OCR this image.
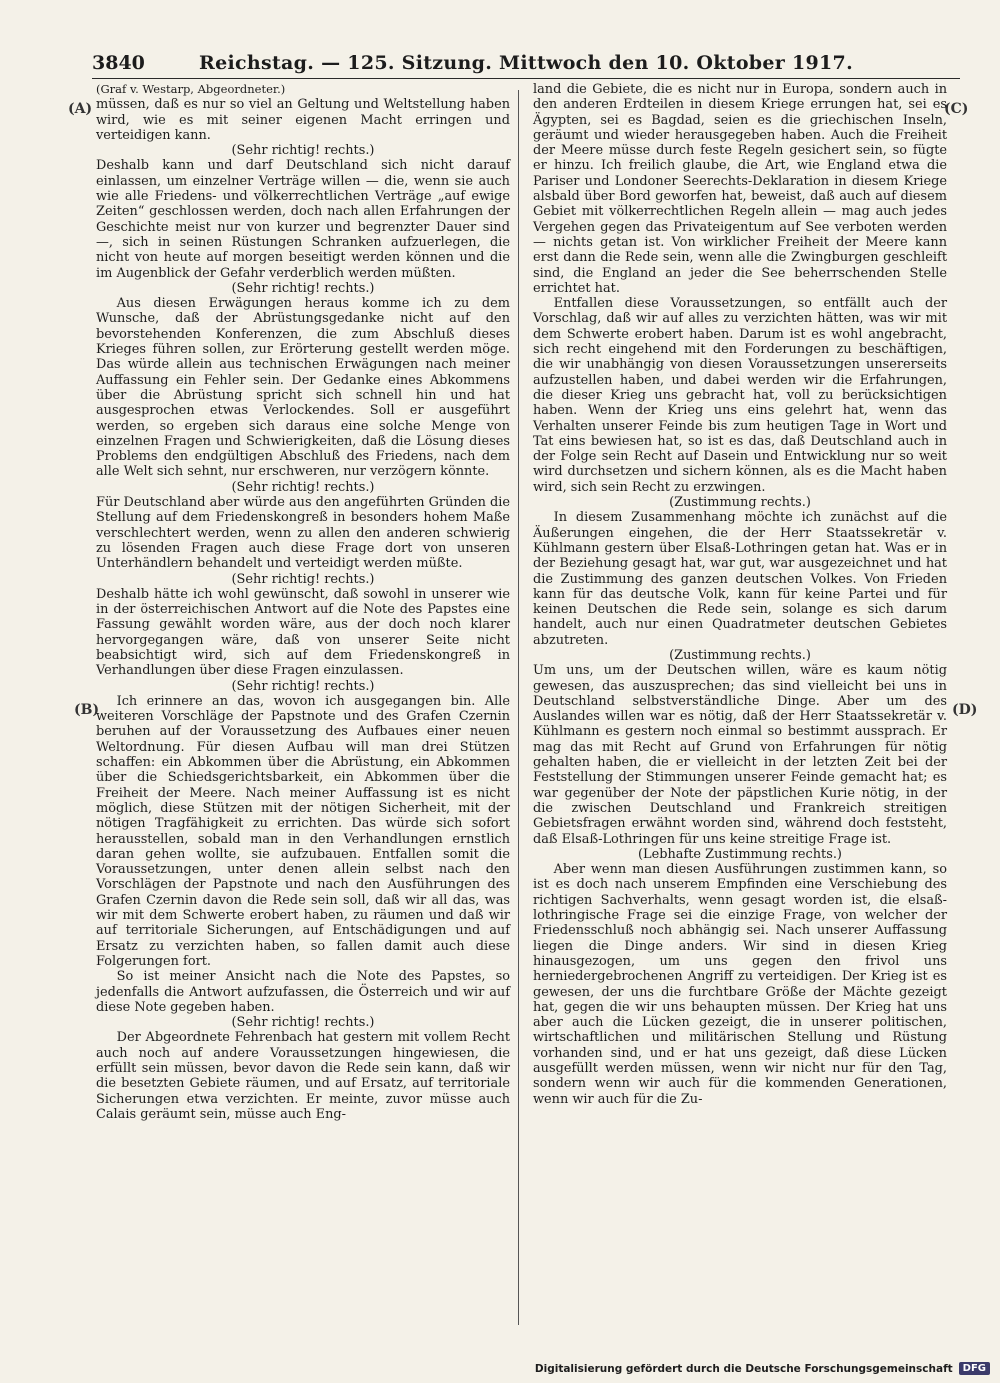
3840	Reichstag. — 125. Sitzung. Mittwoch den 10. Oktober 1917.
(A)
(B)
(C)
(D)

(Graf v. Westarp, Abgeordneter.)

müssen, daß es nur so viel an Geltung und Weltstellung haben wird, wie es mit seiner eigenen Macht erringen und verteidigen kann.

(Sehr richtig! rechts.)

Deshalb kann und darf Deutschland sich nicht darauf einlassen, um einzelner Verträge willen — die, wenn sie auch wie alle Friedens- und völkerrechtlichen Verträge „auf ewige Zeiten“ geschlossen werden, doch nach allen Erfahrungen der Geschichte meist nur von kurzer und begrenzter Dauer sind —, sich in seinen Rüstungen Schranken aufzuerlegen, die nicht von heute auf morgen beseitigt werden können und die im Augenblick der Gefahr verderblich werden müßten.

(Sehr richtig! rechts.)

Aus diesen Erwägungen heraus komme ich zu dem Wunsche, daß der Abrüstungsgedanke nicht auf den bevorstehenden Konferenzen, die zum Abschluß dieses Krieges führen sollen, zur Erörterung gestellt werden möge. Das würde allein aus technischen Erwägungen nach meiner Auffassung ein Fehler sein. Der Gedanke eines Abkommens über die Abrüstung spricht sich schnell hin und hat ausgesprochen etwas Verlockendes. Soll er ausgeführt werden, so ergeben sich daraus eine solche Menge von einzelnen Fragen und Schwierigkeiten, daß die Lösung dieses Problems den endgültigen Abschluß des Friedens, nach dem alle Welt sich sehnt, nur erschweren, nur verzögern könnte.

(Sehr richtig! rechts.)

Für Deutschland aber würde aus den angeführten Gründen die Stellung auf dem Friedenskongreß in besonders hohem Maße verschlechtert werden, wenn zu allen den anderen schwierig zu lösenden Fragen auch diese Frage dort von unseren Unterhändlern behandelt und verteidigt werden müßte.

(Sehr richtig! rechts.)

Deshalb hätte ich wohl gewünscht, daß sowohl in unserer wie in der österreichischen Antwort auf die Note des Papstes eine Fassung gewählt worden wäre, aus der doch noch klarer hervorgegangen wäre, daß von unserer Seite nicht beabsichtigt wird, sich auf dem Friedenskongreß in Verhandlungen über diese Fragen einzulassen.

(Sehr richtig! rechts.)

Ich erinnere an das, wovon ich ausgegangen bin. Alle weiteren Vorschläge der Papstnote und des Grafen Czernin beruhen auf der Voraussetzung des Aufbaues einer neuen Weltordnung. Für diesen Aufbau will man drei Stützen schaffen: ein Abkommen über die Abrüstung, ein Abkommen über die Schiedsgerichtsbarkeit, ein Abkommen über die Freiheit der Meere. Nach meiner Auffassung ist es nicht möglich, diese Stützen mit der nötigen Sicherheit, mit der nötigen Tragfähigkeit zu errichten. Das würde sich sofort herausstellen, sobald man in den Verhandlungen ernstlich daran gehen wollte, sie aufzubauen. Entfallen somit die Voraussetzungen, unter denen allein selbst nach den Vorschlägen der Papstnote und nach den Ausführungen des Grafen Czernin davon die Rede sein soll, daß wir all das, was wir mit dem Schwerte erobert haben, zu räumen und daß wir auf territoriale Sicherungen, auf Entschädigungen und auf Ersatz zu verzichten haben, so fallen damit auch diese Folgerungen fort.

So ist meiner Ansicht nach die Note des Papstes, so jedenfalls die Antwort aufzufassen, die Österreich und wir auf diese Note gegeben haben.

(Sehr richtig! rechts.)

Der Abgeordnete Fehrenbach hat gestern mit vollem Recht auch noch auf andere Voraussetzungen hingewiesen, die erfüllt sein müssen, bevor davon die Rede sein kann, daß wir die besetzten Gebiete räumen, und auf Ersatz, auf territoriale Sicherungen etwa verzichten. Er meinte, zuvor müsse auch Calais geräumt sein, müsse auch Eng-

land die Gebiete, die es nicht nur in Europa, sondern auch in den anderen Erdteilen in diesem Kriege errungen hat, sei es Ägypten, sei es Bagdad, seien es die griechischen Inseln, geräumt und wieder herausgegeben haben. Auch die Freiheit der Meere müsse durch feste Regeln gesichert sein, so fügte er hinzu. Ich freilich glaube, die Art, wie England etwa die Pariser und Londoner Seerechts-Deklaration in diesem Kriege alsbald über Bord geworfen hat, beweist, daß auch auf diesem Gebiet mit völkerrechtlichen Regeln allein — mag auch jedes Vergehen gegen das Privateigentum auf See verboten werden — nichts getan ist. Von wirklicher Freiheit der Meere kann erst dann die Rede sein, wenn alle die Zwingburgen geschleift sind, die England an jeder die See beherrschenden Stelle errichtet hat.

Entfallen diese Voraussetzungen, so entfällt auch der Vorschlag, daß wir auf alles zu verzichten hätten, was wir mit dem Schwerte erobert haben. Darum ist es wohl angebracht, sich recht eingehend mit den Forderungen zu beschäftigen, die wir unabhängig von diesen Voraussetzungen unsererseits aufzustellen haben, und dabei werden wir die Erfahrungen, die dieser Krieg uns gebracht hat, voll zu berücksichtigen haben. Wenn der Krieg uns eins gelehrt hat, wenn das Verhalten unserer Feinde bis zum heutigen Tage in Wort und Tat eins bewiesen hat, so ist es das, daß Deutschland auch in der Folge sein Recht auf Dasein und Entwicklung nur so weit wird durchsetzen und sichern können, als es die Macht haben wird, sich sein Recht zu erzwingen.

(Zustimmung rechts.)

In diesem Zusammenhang möchte ich zunächst auf die Äußerungen eingehen, die der Herr Staatssekretär v. Kühlmann gestern über Elsaß-Lothringen getan hat. Was er in der Beziehung gesagt hat, war gut, war ausgezeichnet und hat die Zustimmung des ganzen deutschen Volkes. Von Frieden kann für das deutsche Volk, kann für keine Partei und für keinen Deutschen die Rede sein, solange es sich darum handelt, auch nur einen Quadratmeter deutschen Gebietes abzutreten.

(Zustimmung rechts.)

Um uns, um der Deutschen willen, wäre es kaum nötig gewesen, das auszusprechen; das sind vielleicht bei uns in Deutschland selbstverständliche Dinge. Aber um des Auslandes willen war es nötig, daß der Herr Staatssekretär v. Kühlmann es gestern noch einmal so bestimmt aussprach. Er mag das mit Recht auf Grund von Erfahrungen für nötig gehalten haben, die er vielleicht in der letzten Zeit bei der Feststellung der Stimmungen unserer Feinde gemacht hat; es war gegenüber der Note der päpstlichen Kurie nötig, in der die zwischen Deutschland und Frankreich streitigen Gebietsfragen erwähnt worden sind, während doch feststeht, daß Elsaß-Lothringen für uns keine streitige Frage ist.

(Lebhafte Zustimmung rechts.)

Aber wenn man diesen Ausführungen zustimmen kann, so ist es doch nach unserem Empfinden eine Verschiebung des richtigen Sachverhalts, wenn gesagt worden ist, die elsaß-lothringische Frage sei die einzige Frage, von welcher der Friedensschluß noch abhängig sei. Nach unserer Auffassung liegen die Dinge anders. Wir sind in diesen Krieg hinausgezogen, um uns gegen den frivol uns herniedergebrochenen Angriff zu verteidigen. Der Krieg ist es gewesen, der uns die furchtbare Größe der Mächte gezeigt hat, gegen die wir uns behaupten müssen. Der Krieg hat uns aber auch die Lücken gezeigt, die in unserer politischen, wirtschaftlichen und militärischen Stellung und Rüstung vorhanden sind, und er hat uns gezeigt, daß diese Lücken ausgefüllt werden müssen, wenn wir nicht nur für den Tag, sondern wenn wir auch für die kommenden Generationen, wenn wir auch für die Zu-

Digitalisierung gefördert durch die Deutsche Forschungsgemeinschaft	DFG
